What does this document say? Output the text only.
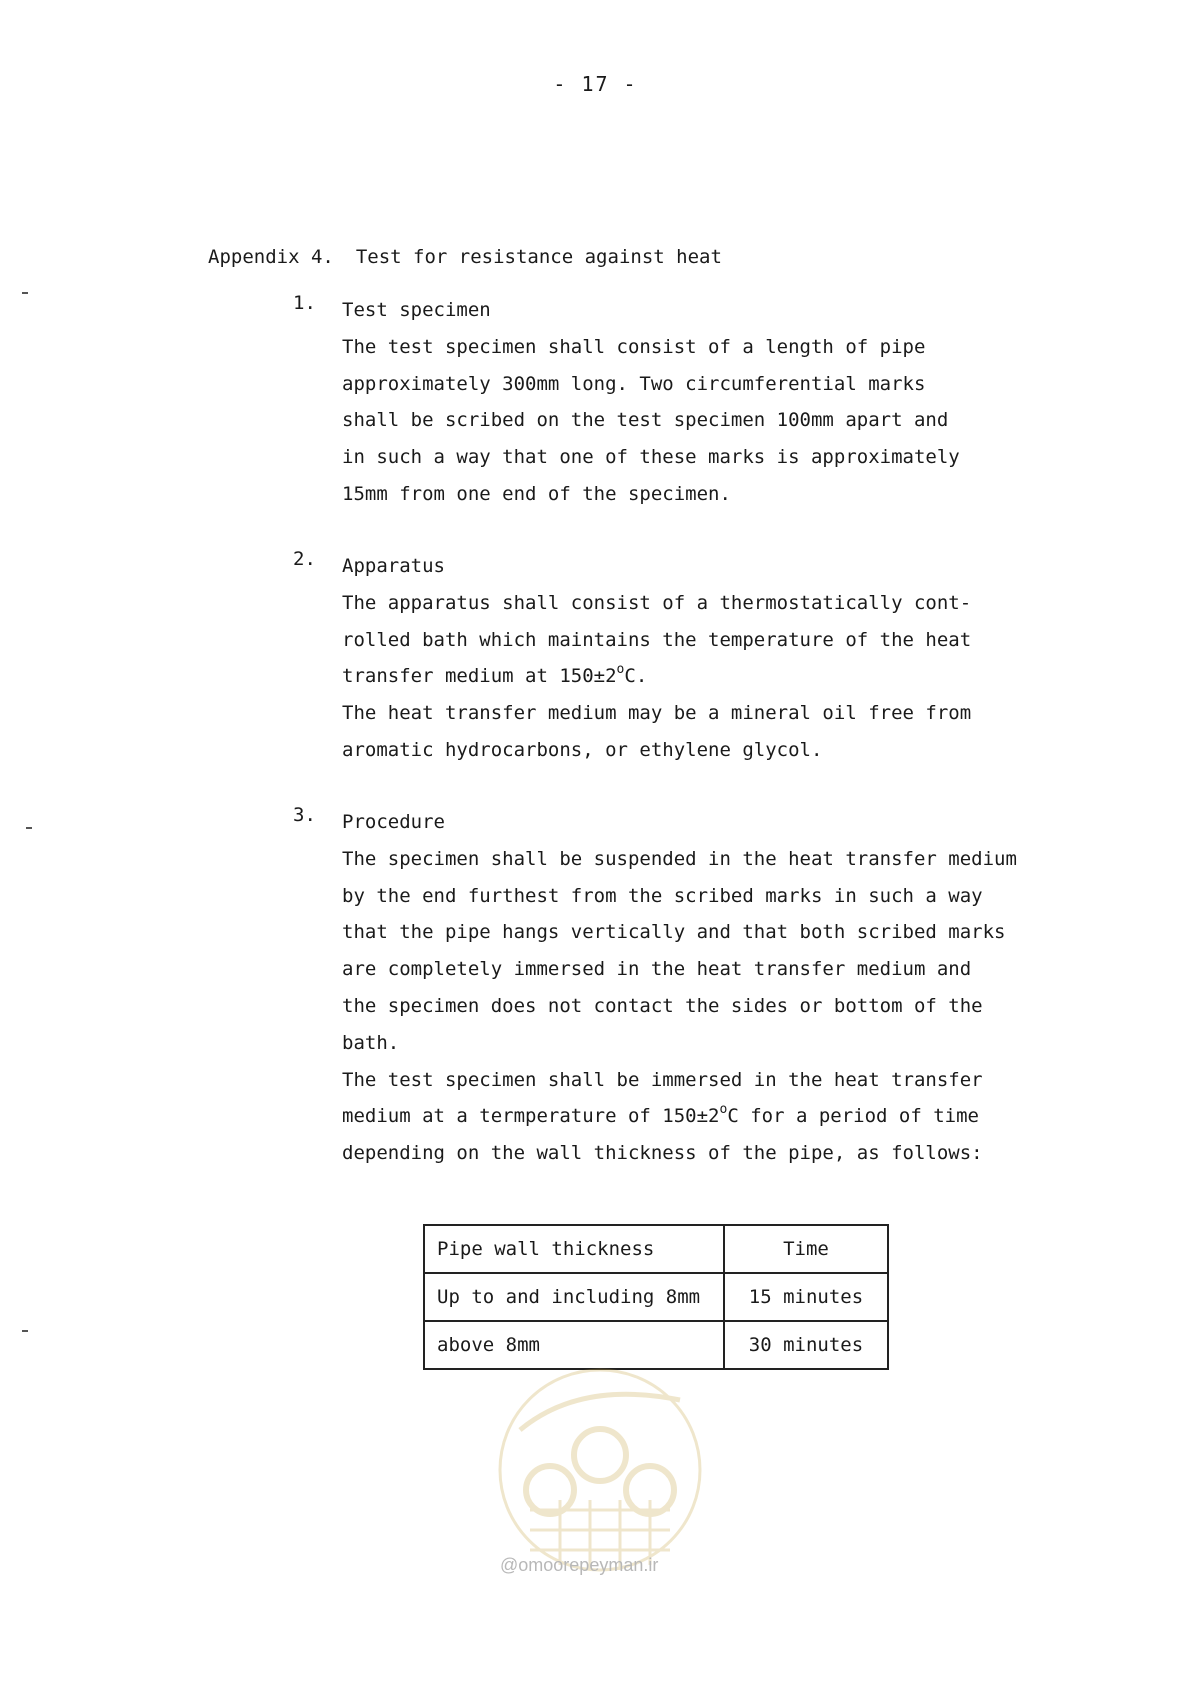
- 17 -
Appendix 4. Test for resistance against heat
1. Test specimen
The test specimen shall consist of a length of pipe
approximately 300mm long. Two circumferential marks
shall be scribed on the test specimen 100mm apart and
in such a way that one of these marks is approximately
15mm from one end of the specimen.
2. Apparatus
The apparatus shall consist of a thermostatically cont-
rolled bath which maintains the temperature of the heat
transfer medium at $150\pm 2^oC$.
The heat transfer medium may be a mineral oil free from
aromatic hydrocarbons, or ethylene glycol.
3. Procedure
The specimen shall be suspended in the heat transfer medium
by the end furthest from the scribed marks in such a way
that the pipe hangs vertically and that both scribed marks
are completely immersed in the heat transfer medium and
the specimen does not contact the sides or bottom of the
bath.
The test specimen shall be immersed in the heat transfer
medium at a termperature of $150\pm 2^oC$ for a period of time
depending on the wall thickness of the pipe, as follows:
Pipe wall thickness	Time
Up to and including 8mm	15 minutes
above 8mm	30 minutes
@omoorepeyman.ir
